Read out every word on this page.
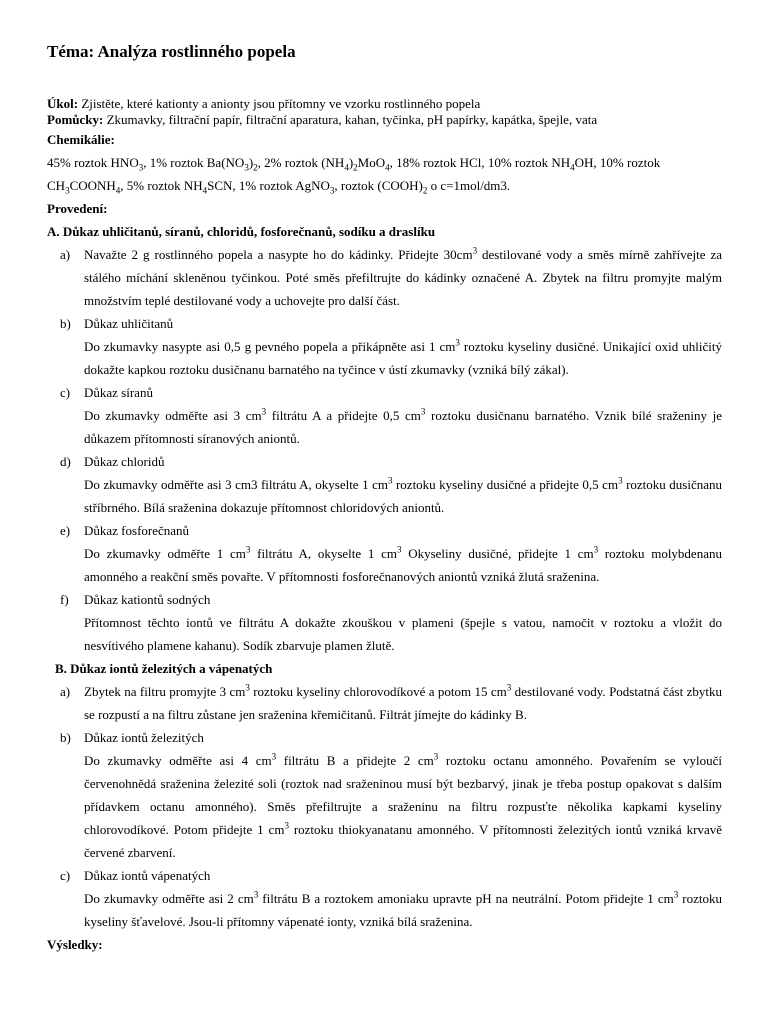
Téma: Analýza rostlinného popela

Úkol: Zjistěte, které kationty a anionty jsou přítomny ve vzorku rostlinného popela

Pomůcky: Zkumavky, filtrační papír, filtrační aparatura, kahan, tyčinka, pH papírky, kapátka, špejle, vata

Chemikálie:

45% roztok $HNO_3$, 1% roztok $Ba(NO_3)_2$, 2% roztok $(NH_4)_2MoO_4$, 18% roztok HCl, 10% roztok $NH_4OH$, 10% roztok
$CH_3COONH_4$, 5% roztok $NH_4SCN$, 1% roztok AgNO$_3$, roztok $(COOH)_2$ o c=1mol/dm3.

Provedení:

A. Důkaz uhličitanů, síranů, chloridů, fosforečnanů, sodíku a draslíku

a) Navažte 2 g rostlinného popela a nasypte ho do kádinky. Přidejte $30cm^3$ destilované vody a směs mírně zahřívejte za stálého míchání skleněnou tyčinkou. Poté směs přefiltrujte do kádinky označené A. Zbytek na filtru promyjte malým množstvím teplé destilované vody a uchovejte pro další část.
b) Důkaz uhličitanů
Do zkumavky nasypte asi 0,5 g pevného popela a přikápněte asi 1 $cm^3$ roztoku kyseliny dusičné. Unikající oxid uhličitý dokažte kapkou roztoku dusičnanu barnatého na tyčince v ústí zkumavky (vzniká bílý zákal).
c) Důkaz síranů
Do zkumavky odměřte asi 3 $cm^3$ filtrátu A a přidejte 0,5 $cm^3$ roztoku dusičnanu barnatého. Vznik bílé sraženiny je důkazem přítomnosti síranových aniontů.
d) Důkaz chloridů
Do zkumavky odměřte asi 3 cm3 filtrátu A, okyselte 1 $cm^3$ roztoku kyseliny dusičné a přidejte 0,5 $cm^3$ roztoku dusičnanu stříbrného. Bílá sraženina dokazuje přítomnost chloridových aniontů.
e) Důkaz fosforečnanů
Do zkumavky odměřte 1 $cm^3$ filtrátu A, okyselte 1 $cm^3$ Okyseliny dusičné, přidejte 1 $cm^3$ roztoku molybdenanu amonného a reakční směs povařte. V přítomnosti fosforečnanových aniontů vzniká žlutá sraženina.
f) Důkaz kationtů sodných
Přítomnost těchto iontů ve filtrátu A dokažte zkouškou v plameni (špejle s vatou, namočit v roztoku a vložit do nesvítivého plamene kahanu). Sodík zbarvuje plamen žlutě.

B. Důkaz iontů železitých a vápenatých

a) Zbytek na filtru promyjte 3 $cm^3$ roztoku kyseliny chlorovodíkové a potom 15 $cm^3$ destilované vody. Podstatná část zbytku se rozpustí a na filtru zůstane jen sraženina křemičitanů. Filtrát jímejte do kádinky B.
b) Důkaz iontů železitých
Do zkumavky odměřte asi 4 $cm^3$ filtrátu B a přidejte 2 $cm^3$ roztoku octanu amonného. Povařením se vyloučí červenohnědá sraženina železité soli (roztok nad sraženinou musí být bezbarvý, jinak je třeba postup opakovat s dalším přídavkem octanu amonného). Směs přefiltrujte a sraženinu na filtru rozpusťte několika kapkami kyseliny chlorovodíkové. Potom přidejte 1 $cm^3$ roztoku thiokyanatanu amonného. V přítomnosti železitých iontů vzniká krvavě červené zbarvení.
c) Důkaz iontů vápenatých
Do zkumavky odměřte asi 2 $cm^3$ filtrátu B a roztokem amoniaku upravte pH na neutrální. Potom přidejte 1 $cm^3$ roztoku kyseliny šťavelové. Jsou-li přítomny vápenaté ionty, vzniká bílá sraženina.

Výsledky:
